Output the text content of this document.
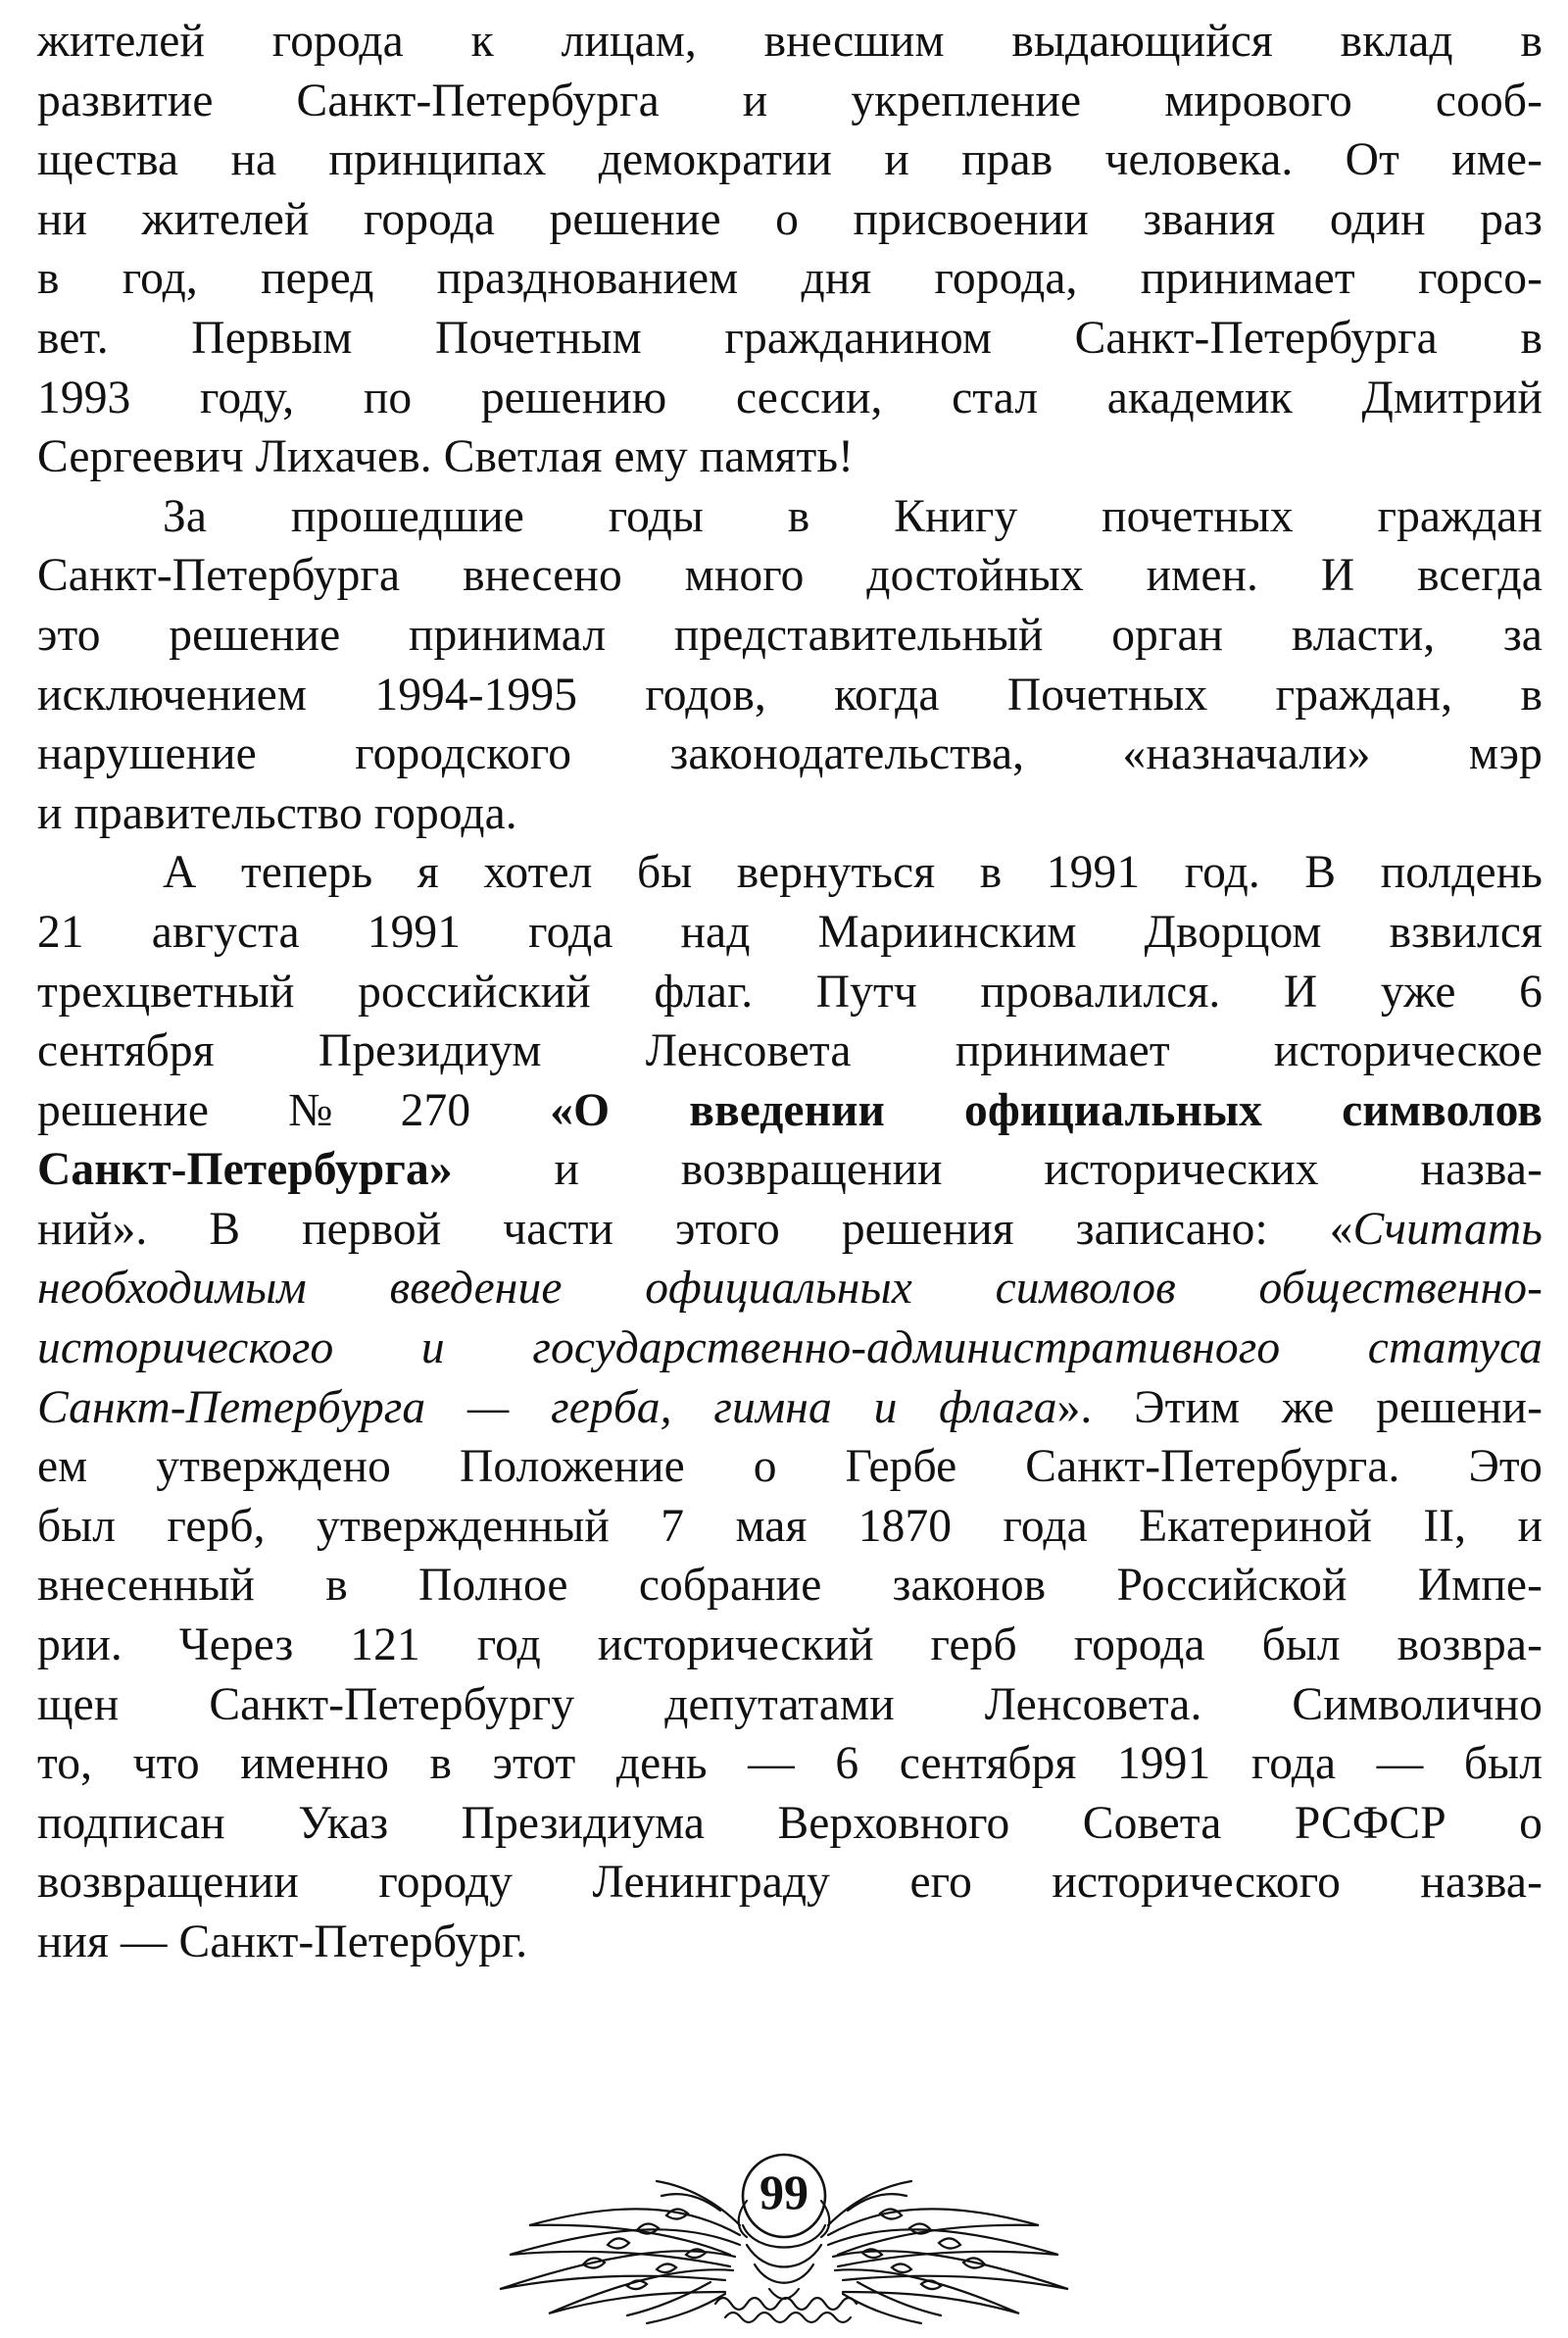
жителей города к лицам, внесшим выдающийся вклад в
развитие Санкт-Петербурга и укрепление мирового сооб-
щества на принципах демократии и прав человека. От име-
ни жителей города решение о присвоении звания один раз
в год, перед празднованием дня города, принимает горсо-
вет. Первым Почетным гражданином Санкт-Петербурга в
1993 году, по решению сессии, стал академик Дмитрий
Сергеевич Лихачев. Светлая ему память!
За прошедшие годы в Книгу почетных граждан
Санкт-Петербурга внесено много достойных имен. И всегда
это решение принимал представительный орган власти, за
исключением 1994-1995 годов, когда Почетных граждан, в
нарушение городского законодательства, «назначали» мэр
и правительство города.
А теперь я хотел бы вернуться в 1991 год. В полдень
21 августа 1991 года над Мариинским Дворцом взвился
трехцветный российский флаг. Путч провалился. И уже 6
сентября Президиум Ленсовета принимает историческое
решение №270 «О введении официальных символов
Санкт-Петербурга» и возвращении исторических назва-
ний». В первой части этого решения записано: «Считать
необходимым введение официальных символов общественно-
исторического и государственно-административного статуса
Санкт-Петербурга — герба, гимна и флага». Этим же решени-
ем утверждено Положение о Гербе Санкт-Петербурга. Это
был герб, утвержденный 7 мая 1870 года Екатериной II, и
внесенный в Полное собрание законов Российской Импе-
рии. Через 121 год исторический герб города был возвра-
щен Санкт-Петербургу депутатами Ленсовета. Символично
то, что именно в этот день — 6 сентября 1991 года — был
подписан Указ Президиума Верховного Совета РСФСР о
возвращении городу Ленинграду его исторического назва-
ния — Санкт-Петербург.
99
